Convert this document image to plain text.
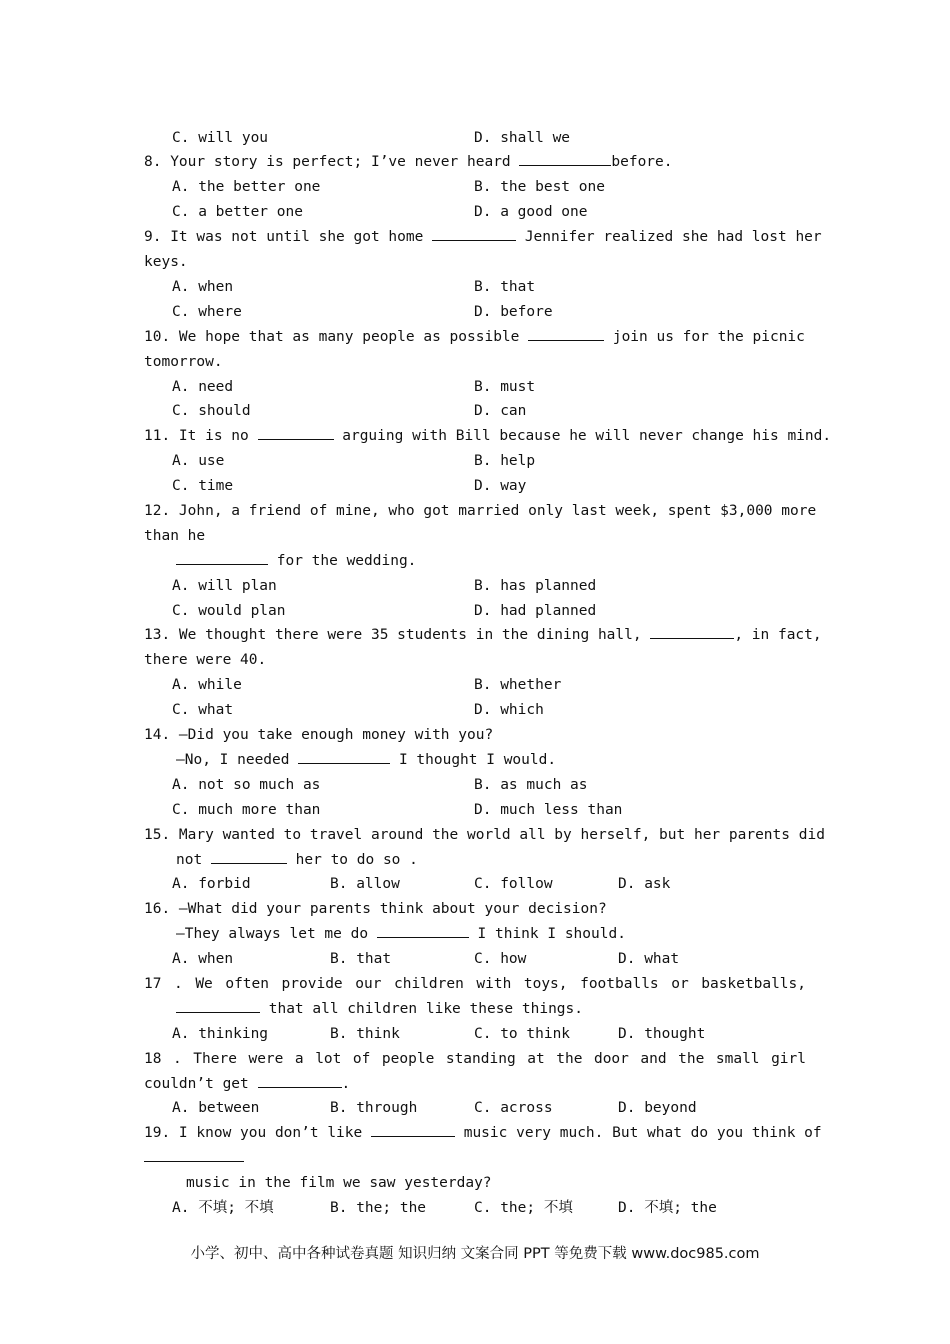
C. will you	D. shall we
8. Your story is perfect; I’ve never heard	before.
A. the better one	B. the best one
C. a better one	D. a good one
9. It was not until she got home	Jennifer realized she had lost her
keys.
A. when	B. that
C. where	D. before
10. We hope that as many people as possible	join us for the picnic
tomorrow.
A. need	B. must
C. should	D. can
11. It is no	arguing with Bill because he will never change his mind.
A. use	B. help
C. time	D. way
12. John, a friend of mine, who got married only last week, spent $3,000 more
than he
for the wedding.
A. will plan	B. has planned
C. would plan	D. had planned
13. We thought there were 35 students in the dining hall,	, in fact,
there were 40.
A. while	B. whether
C. what	D. which
14. —Did you take enough money with you?
—No, I needed	I thought I would.
A. not so much as	B. as much as
C. much more than	D. much less than
15. Mary wanted to travel around the world all by herself, but her parents did
not	her to do so .
A. forbid	B. allow	C. follow	D. ask
16. —What did your parents think about your decision?
—They always let me do	I think I should.
A. when	B. that	C. how	D. what
17 . We often provide our children with toys, footballs or basketballs,
that all children like these things.
A. thinking	B. think	C. to think	D. thought
18 . There were a lot of people standing at the door and the small girl
couldn’t get	.
A. between	B. through	C. across	D. beyond
19. I know you don’t like	music very much. But what do you think of
music in the film we saw yesterday?
A. 不填; 不填	B. the; the	C. the; 不填	D. 不填; the
小学、初中、高中各种试卷真题 知识归纳 文案合同 PPT 等免费下载 www.doc985.com
